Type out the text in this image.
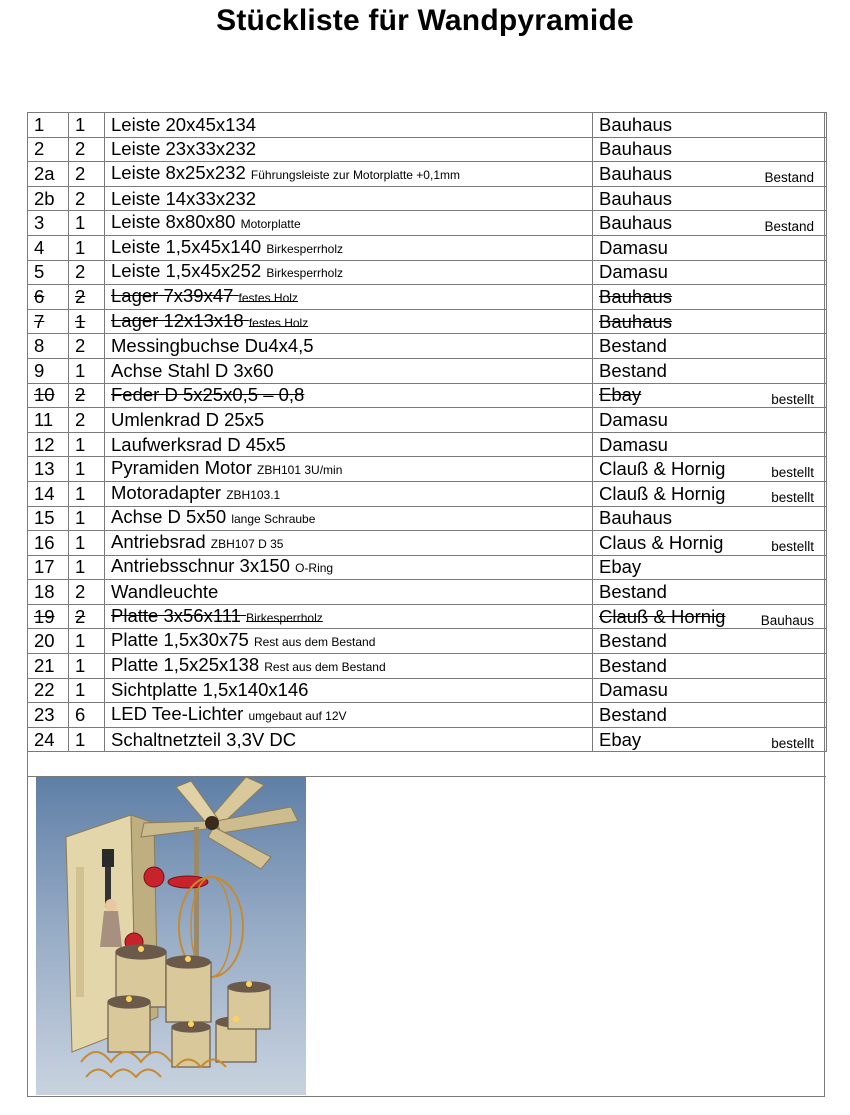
Stückliste für Wandpyramide
1	1	Leiste 20x45x134	Bauhaus
2	2	Leiste 23x33x232	Bauhaus
2a	2	Leiste 8x25x232 Führungsleiste zur Motorplatte +0,1mm	Bauhaus Bestand

2b	2	Leiste 14x33x232	Bauhaus
3	1	Leiste 8x80x80 Motorplatte	Bauhaus Bestand

4	1	Leiste 1,5x45x140 Birkesperrholz	Damasu
5	2	Leiste 1,5x45x252 Birkesperrholz	Damasu
6	2	Lager 7x39x47 festes Holz	Bauhaus
7	1	Lager 12x13x18 festes Holz	Bauhaus
8	2	Messingbuchse Du4x4,5	Bestand
9	1	Achse Stahl D 3x60	Bestand
10	2	Feder D 5x25x0,5 – 0,8	Ebay bestellt

11	2	Umlenkrad D 25x5	Damasu
12	1	Laufwerksrad D 45x5	Damasu
13	1	Pyramiden Motor ZBH101 3U/min	Clauß & Hornig bestellt

14	1	Motoradapter ZBH103.1	Clauß & Hornig bestellt

15	1	Achse D 5x50 lange Schraube	Bauhaus
16	1	Antriebsrad ZBH107 D 35	Claus & Hornig bestellt

17	1	Antriebsschnur 3x150 O-Ring	Ebay
18	2	Wandleuchte	Bestand
19	2	Platte 3x56x111 Birkesperrholz	Clauß & Hornig Bauhaus

20	1	Platte 1,5x30x75 Rest aus dem Bestand	Bestand
21	1	Platte 1,5x25x138 Rest aus dem Bestand	Bestand
22	1	Sichtplatte 1,5x140x146	Damasu
23	6	LED Tee-Lichter umgebaut auf 12V	Bestand
24	1	Schaltnetzteil 3,3V DC	Ebay bestellt
